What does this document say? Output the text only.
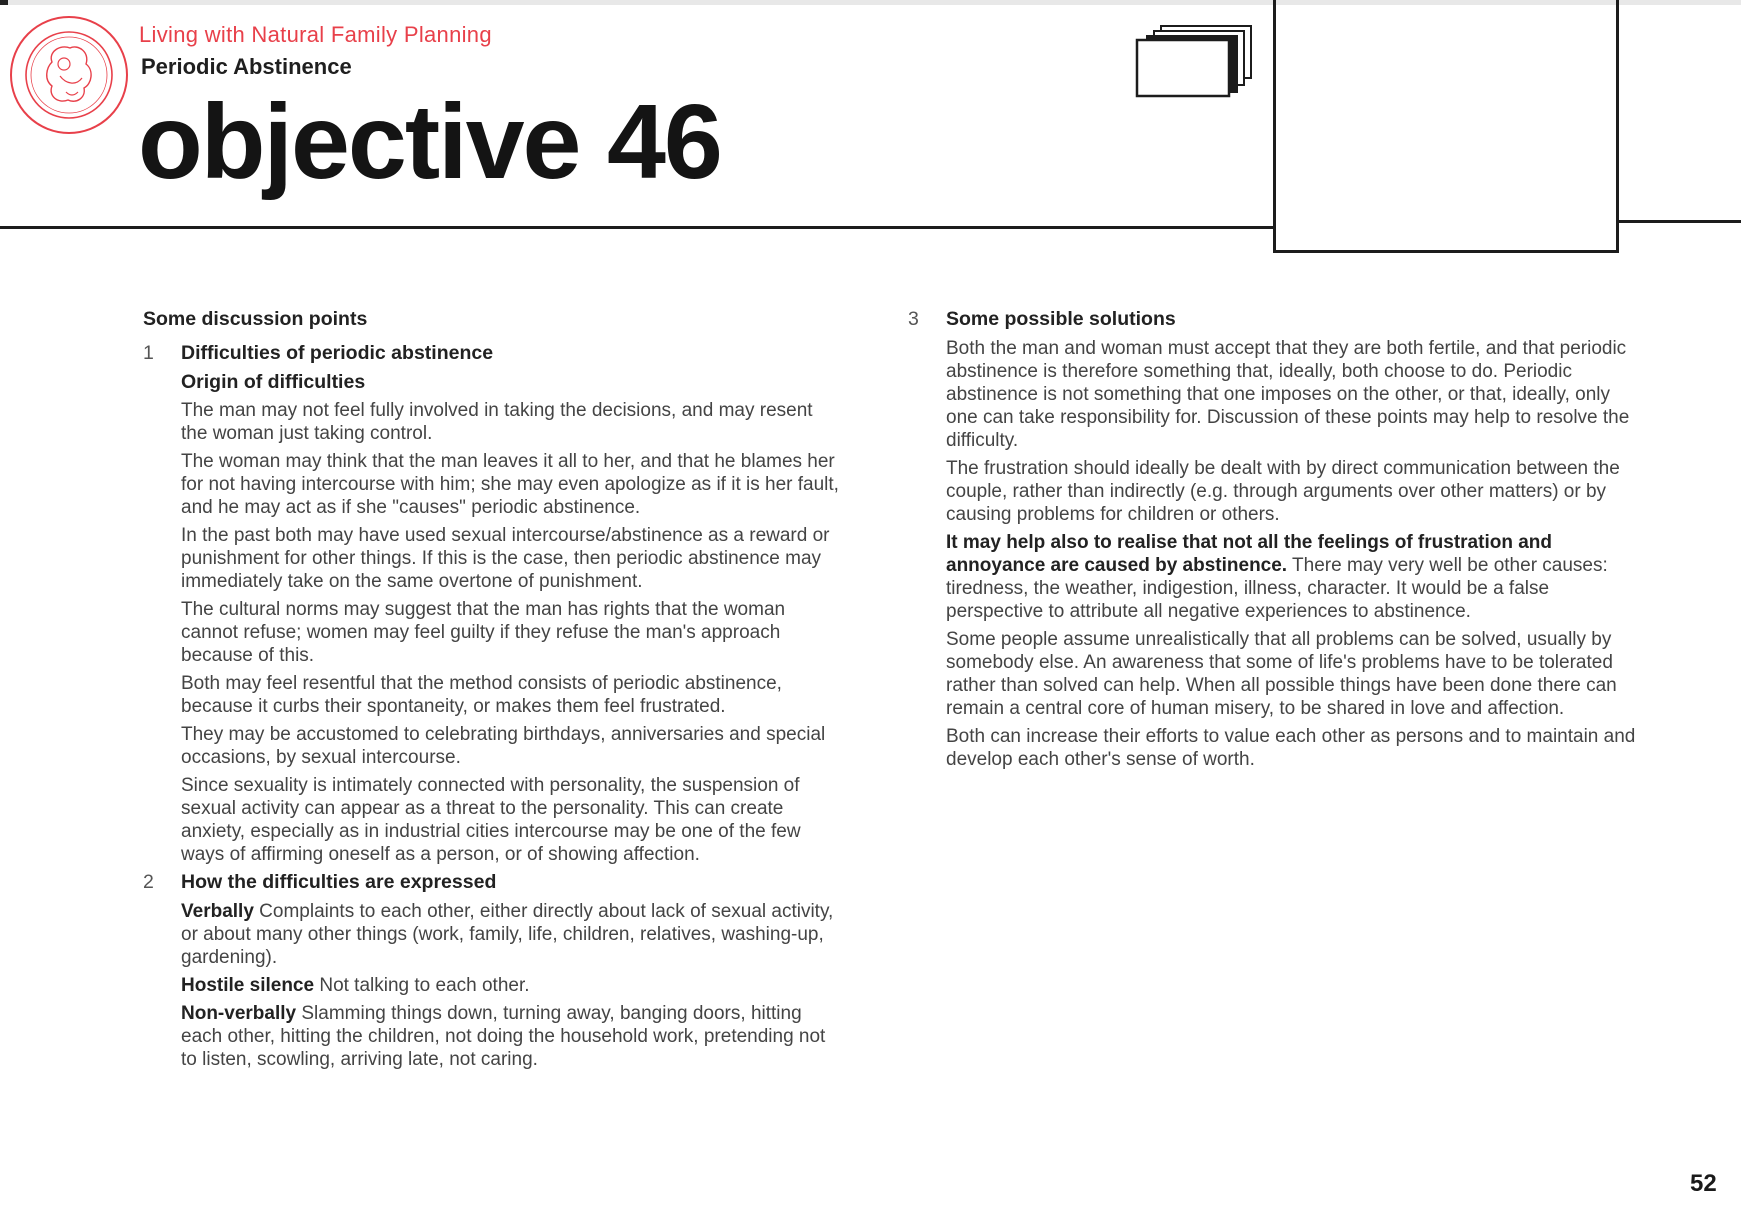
Living with Natural Family Planning
Periodic Abstinence
objective 46
Some discussion points
1 Difficulties of periodic abstinence
Origin of difficulties

The man may not feel fully involved in taking the decisions, and may resent the woman just taking control.

The woman may think that the man leaves it all to her, and that he blames her for not having intercourse with him; she may even apologize as if it is her fault, and he may act as if she "causes" periodic abstinence.

In the past both may have used sexual intercourse/abstinence as a reward or punishment for other things. If this is the case, then periodic abstinence may immediately take on the same overtone of punishment.

The cultural norms may suggest that the man has rights that the woman cannot refuse; women may feel guilty if they refuse the man's approach because of this.

Both may feel resentful that the method consists of periodic abstinence, because it curbs their spontaneity, or makes them feel frustrated.

They may be accustomed to celebrating birthdays, anniversaries and special occasions, by sexual intercourse.

Since sexuality is intimately connected with personality, the suspension of sexual activity can appear as a threat to the personality. This can create anxiety, especially as in industrial cities intercourse may be one of the few ways of affirming oneself as a person, or of showing affection.

2 How the difficulties are expressed

Verbally Complaints to each other, either directly about lack of sexual activity, or about many other things (work, family, life, children, relatives, washing-up, gardening).

Hostile silence Not talking to each other.

Non-verbally Slamming things down, turning away, banging doors, hitting each other, hitting the children, not doing the household work, pretending not to listen, scowling, arriving late, not caring.

3 Some possible solutions

Both the man and woman must accept that they are both fertile, and that periodic abstinence is therefore something that, ideally, both choose to do. Periodic abstinence is not something that one imposes on the other, or that, ideally, only one can take responsibility for. Discussion of these points may help to resolve the difficulty.

The frustration should ideally be dealt with by direct communication between the couple, rather than indirectly (e.g. through arguments over other matters) or by causing problems for children or others.

It may help also to realise that not all the feelings of frustration and annoyance are caused by abstinence. There may very well be other causes: tiredness, the weather, indigestion, illness, character. It would be a false perspective to attribute all negative experiences to abstinence.

Some people assume unrealistically that all problems can be solved, usually by somebody else. An awareness that some of life's problems have to be tolerated rather than solved can help. When all possible things have been done there can remain a central core of human misery, to be shared in love and affection.

Both can increase their efforts to value each other as persons and to maintain and develop each other's sense of worth.

52
